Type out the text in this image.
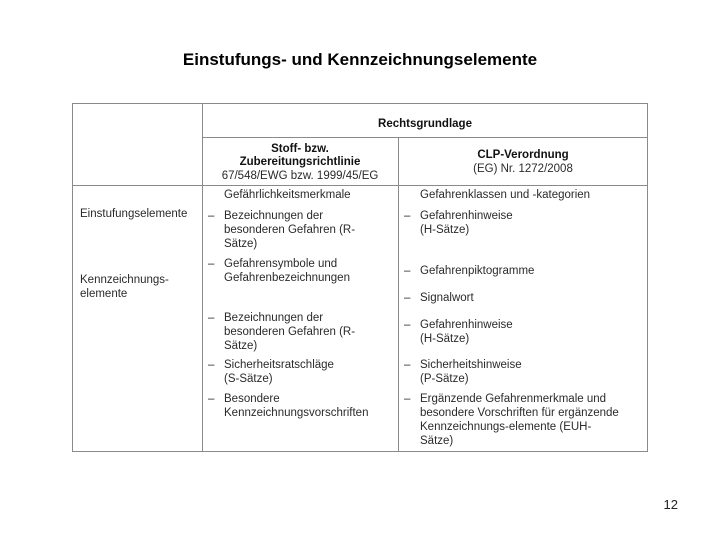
Einstufungs- und Kennzeichnungselemente
Rechtsgrundlage
Stoff- bzw.
Zubereitungsrichtlinie
67/548/EWG bzw. 1999/45/EG
CLP-Verordnung
(EG) Nr. 1272/2008
Gefährlichkeitsmerkmale	Gefahrenklassen und -kategorien
Einstufungselemente
Kennzeichnungs-
elemente
– Bezeichnungen der
besonderen Gefahren (R-
Sätze)
– Gefahrensymbole und
Gefahrenbezeichnungen
– Bezeichnungen der
besonderen Gefahren (R-
Sätze)
– Sicherheitsratschläge
(S-Sätze)
– Besondere
Kennzeichnungsvorschriften
– Gefahrenhinweise
(H-Sätze)
– Gefahrenpiktogramme
– Signalwort
– Gefahrenhinweise
(H-Sätze)
– Sicherheitshinweise
(P-Sätze)
– Ergänzende Gefahrenmerkmale und
besondere Vorschriften für ergänzende
Kennzeichnungs-elemente (EUH-
Sätze)
12
